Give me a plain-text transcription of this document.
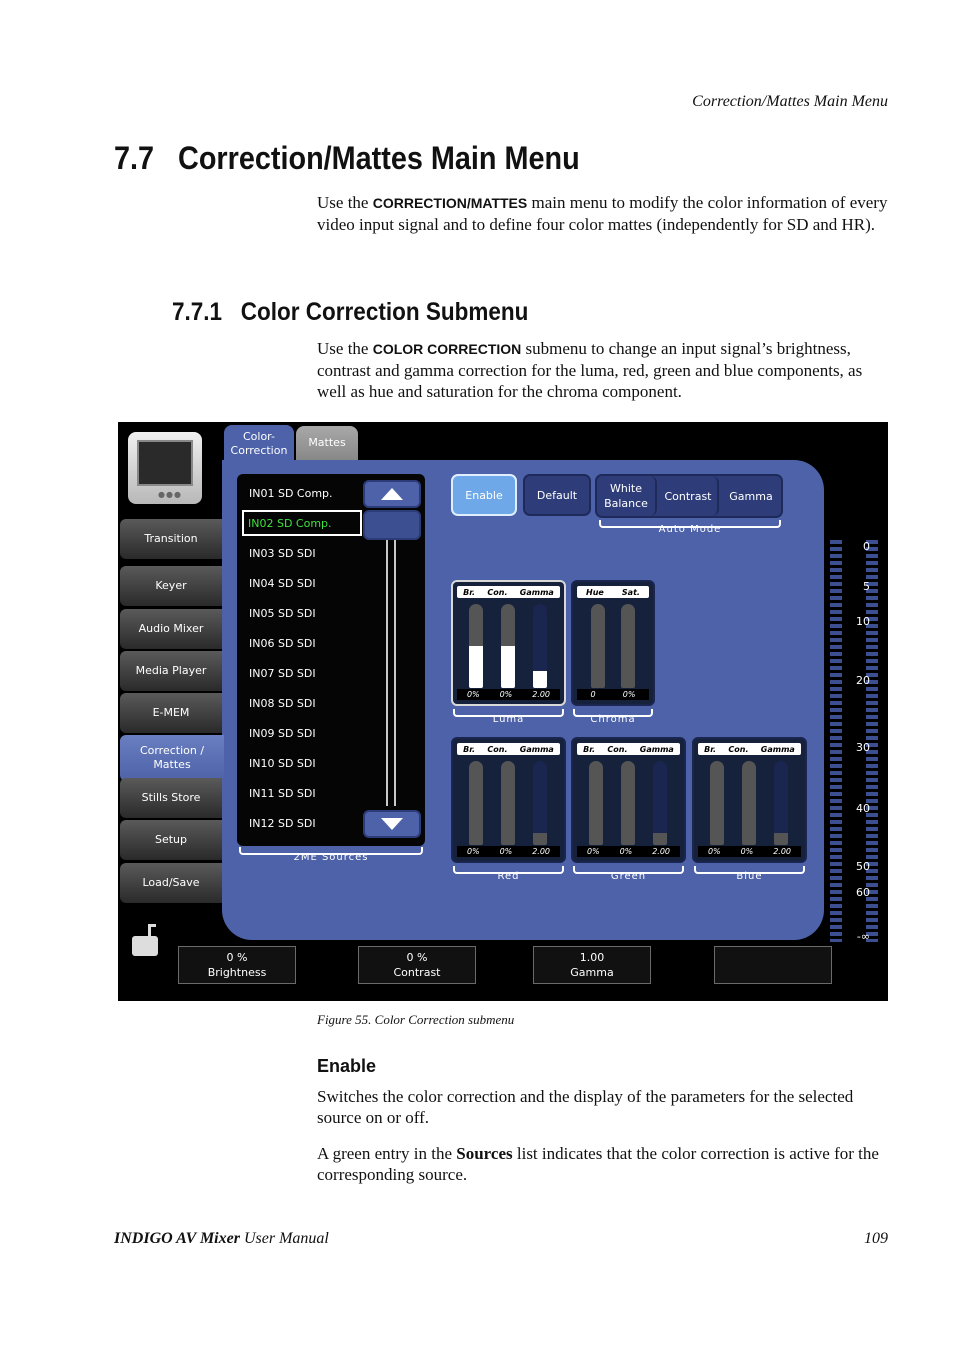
Correction/Mattes Main Menu
7.7 Correction/Mattes Main Menu
Use the CORRECTION/MATTES main menu to modify the color information of every video input signal and to define four color mattes (independently for SD and HR).
7.7.1 Color Correction Submenu
Use the COLOR CORRECTION submenu to change an input signal’s brightness, contrast and gamma correction for the luma, red, green and blue components, as well as hue and saturation for the chroma component.
●●●
Color-
Correction
Mattes
Transition
Keyer
Audio Mixer
Media Player
E-MEM
Correction /
Mattes
Stills Store
Setup
Load/Save
IN01 SD Comp.
IN02 SD Comp.
IN03 SD SDI
IN04 SD SDI
IN05 SD SDI
IN06 SD SDI
IN07 SD SDI
IN08 SD SDI
IN09 SD SDI
IN10 SD SDI
IN11 SD SDI
IN12 SD SDI
2ME Sources
Enable	Default	White
Balance
Contrast	Gamma
Auto Mode
Br. Con. Gamma
0% 0% 2.00
Luma
Hue Sat.
0	0%
Chroma
Br. Con. Gamma
0% 0% 2.00
Red
Br. Con. Gamma
0% 0% 2.00
Green
Br. Con. Gamma
0% 0% 2.00
Blue
0
5
10
20
30
40
50
60
-∞
0 %
Brightness
0 %
Contrast
1.00
Gamma
Figure 55. Color Correction submenu
Enable
Switches the color correction and the display of the parameters for the selected source on or off.
A green entry in the Sources list indicates that the color correction is active for the corresponding source.
INDIGO AV Mixer User Manual	109
